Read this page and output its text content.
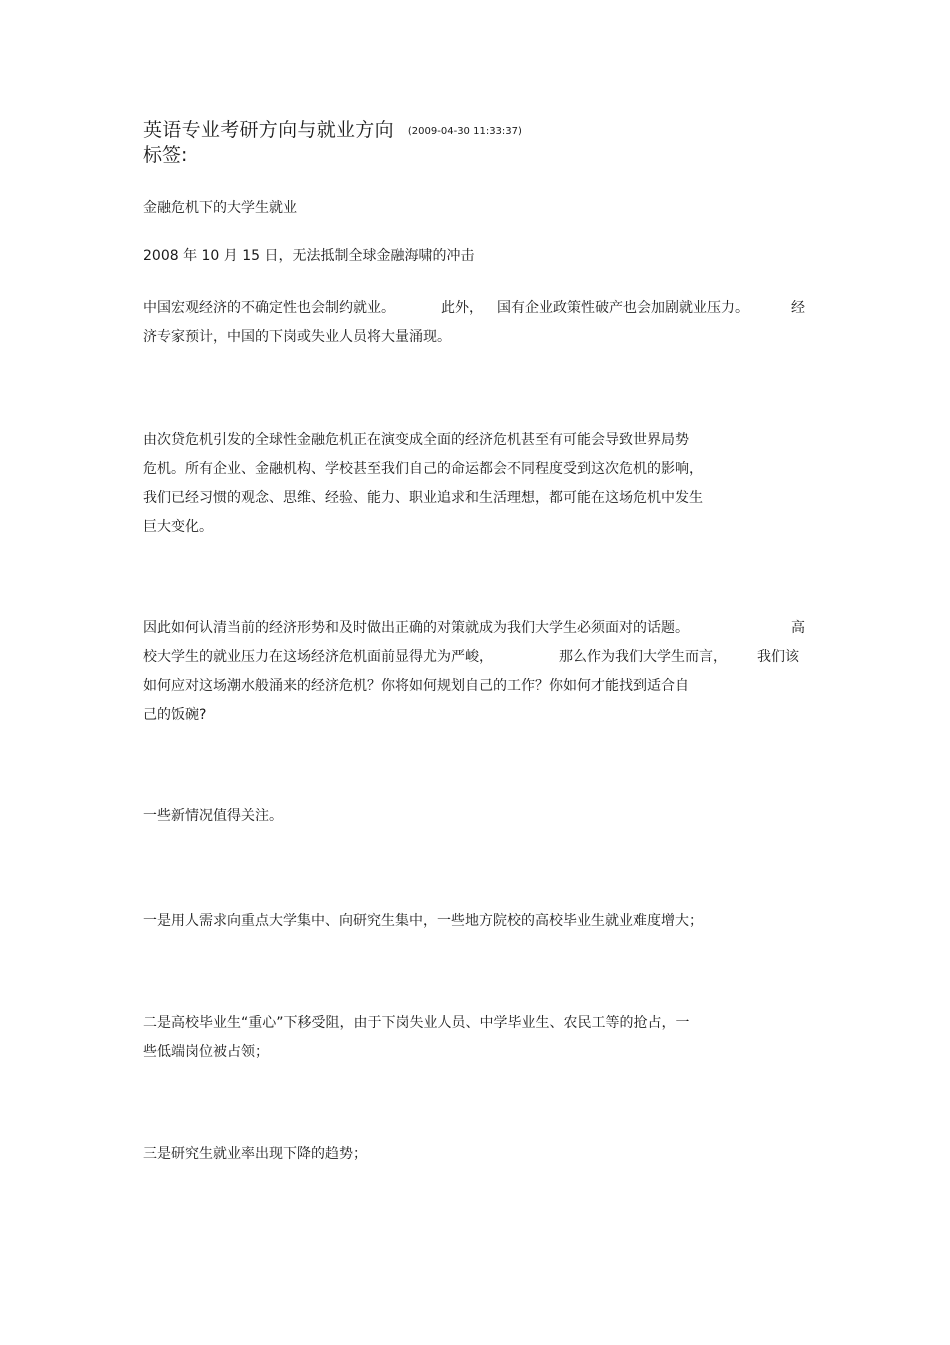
英语专业考研方向与就业方向 (2009-04-30 11:33:37)
标签:

金融危机下的大学生就业

2008 年 10 月 15 日，无法抵制全球金融海啸的冲击

中国宏观经济的不确定性也会制约就业。	此外， 国有企业政策性破产也会加剧就业压力。	经
济专家预计，中国的下岗或失业人员将大量涌现。
由次贷危机引发的全球性金融危机正在演变成全面的经济危机甚至有可能会导致世界局势
危机。所有企业、金融机构、学校甚至我们自己的命运都会不同程度受到这次危机的影响，
我们已经习惯的观念、思维、经验、能力、职业追求和生活理想，都可能在这场危机中发生
巨大变化。
因此如何认清当前的经济形势和及时做出正确的对策就成为我们大学生必须面对的话题。	高
校大学生的就业压力在这场经济危机面前显得尤为严峻，	那么作为我们大学生而言， 我们该
如何应对这场潮水般涌来的经济危机？你将如何规划自己的工作？你如何才能找到适合自
己的饭碗?

一些新情况值得关注。

一是用人需求向重点大学集中、向研究生集中，一些地方院校的高校毕业生就业难度增大；

二是高校毕业生“重心”下移受阻，由于下岗失业人员、中学毕业生、农民工等的抢占，一
些低端岗位被占领；

三是研究生就业率出现下降的趋势；
